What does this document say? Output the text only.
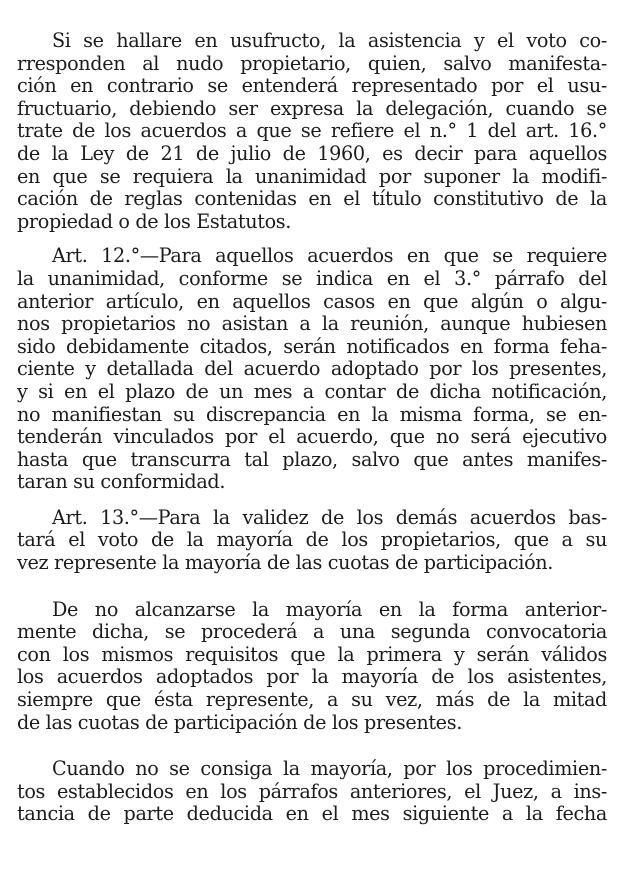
Si se hallare en usufructo, la asistencia y el voto co-
rresponden al nudo propietario, quien, salvo manifesta-
ción en contrario se entenderá representado por el usu-
fructuario, debiendo ser expresa la delegación, cuando se
trate de los acuerdos a que se refiere el n.° 1 del art. 16.°
de la Ley de 21 de julio de 1960, es decir para aquellos
en que se requiera la unanimidad por suponer la modifi-
cación de reglas contenidas en el título constitutivo de la
propiedad o de los Estatutos.
Art. 12.°—Para aquellos acuerdos en que se requiere
la unanimidad, conforme se indica en el 3.° párrafo del
anterior artículo, en aquellos casos en que algún o algu-
nos propietarios no asistan a la reunión, aunque hubiesen
sido debidamente citados, serán notificados en forma feha-
ciente y detallada del acuerdo adoptado por los presentes,
y si en el plazo de un mes a contar de dicha notificación,
no manifiestan su discrepancia en la misma forma, se en-
tenderán vinculados por el acuerdo, que no será ejecutivo
hasta que transcurra tal plazo, salvo que antes manifes-
taran su conformidad.
Art. 13.°—Para la validez de los demás acuerdos bas-
tará el voto de la mayoría de los propietarios, que a su
vez represente la mayoría de las cuotas de participación.
De no alcanzarse la mayoría en la forma anterior-
mente dicha, se procederá a una segunda convocatoria
con los mismos requisitos que la primera y serán válidos
los acuerdos adoptados por la mayoría de los asistentes,
siempre que ésta represente, a su vez, más de la mitad
de las cuotas de participación de los presentes.
Cuando no se consiga la mayoría, por los procedimien-
tos establecidos en los párrafos anteriores, el Juez, a ins-
tancia de parte deducida en el mes siguiente a la fecha
